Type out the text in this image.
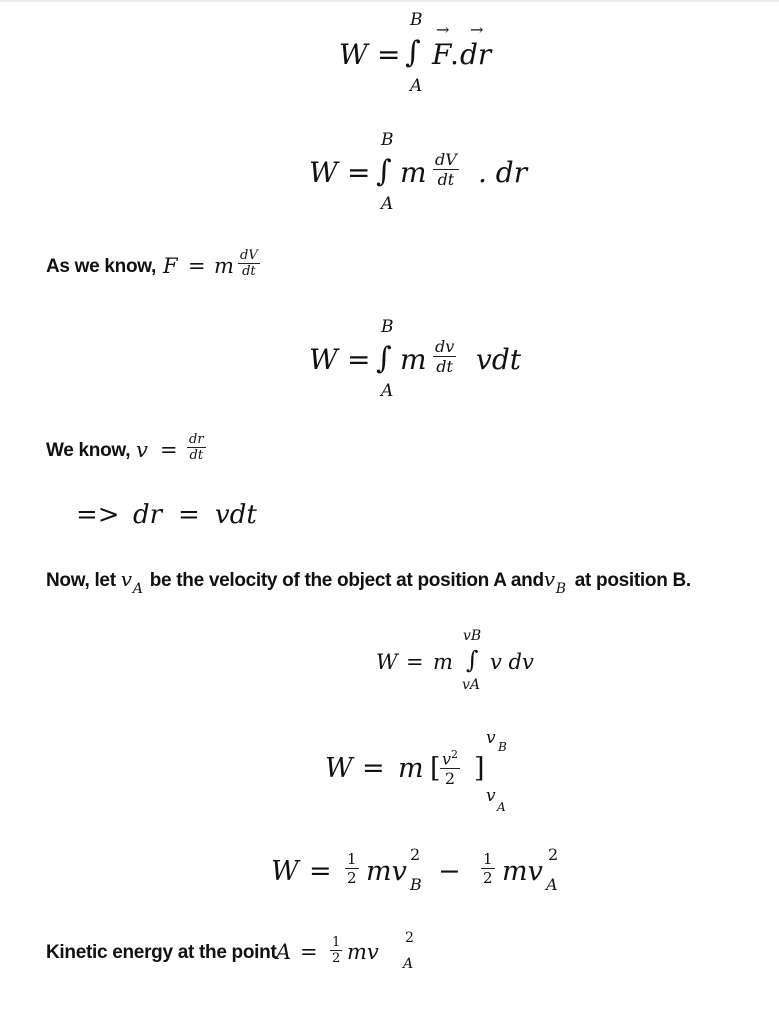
W =
B
∫
A
→
F
.
→
dr
W =
B
∫
A
m $\frac{dV}{dt}$ . dr
As we know, F = m $\frac{dV}{dt}$
W =
B
∫
A
m $\frac{dv}{dt}$ vdt
We know, $v = \frac{dr}{dt}$
=> dr = vdt
Now, let v A be the velocity of the object at position A andv B at position B.
W = m
vB
∫
vA
v dv
W = m [ $\frac{v^2}{2}$ ]
v B
v
A
$W = \frac{1}{2}$ mv
2
$B - \frac{1}{2}$ mv
2
A
Kinetic energy at the point $A = \frac{1}{2}$ mv
2
A
